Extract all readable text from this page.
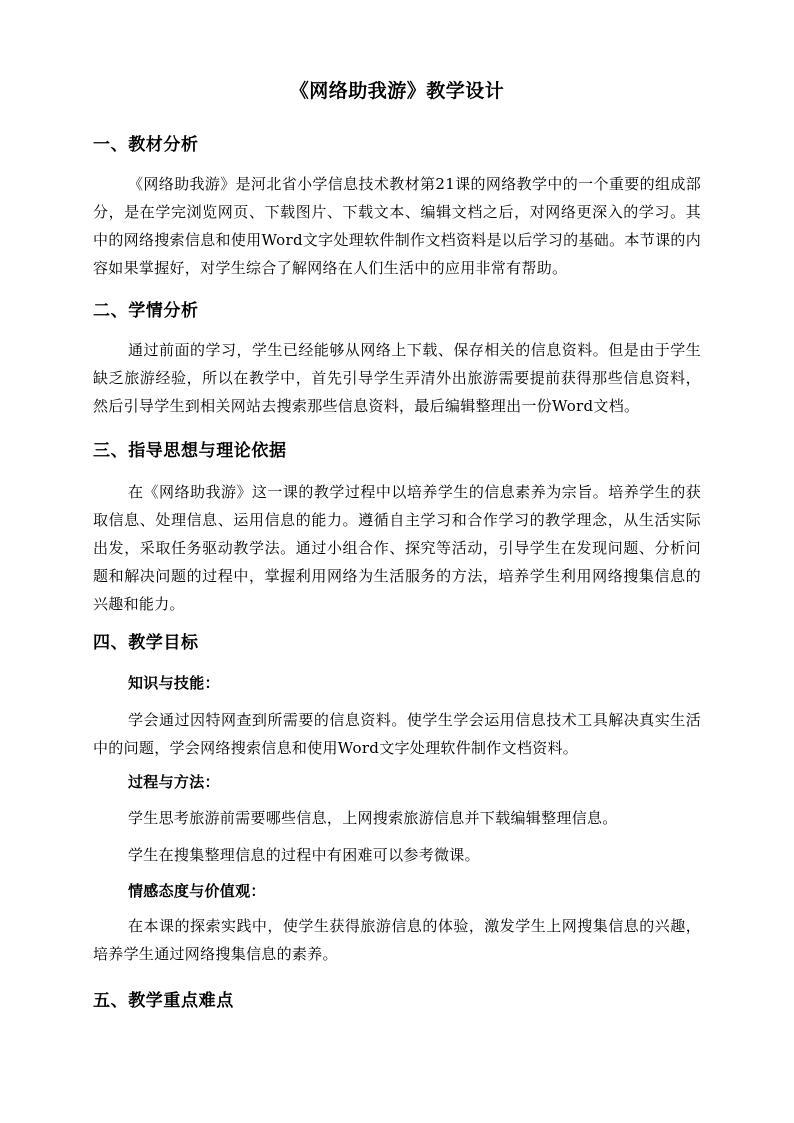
《网络助我游》教学设计
一、教材分析
《网络助我游》是河北省小学信息技术教材第21课的网络教学中的一个重要的组成部分，是在学完浏览网页、下载图片、下载文本、编辑文档之后，对网络更深入的学习。其中的网络搜索信息和使用Word文字处理软件制作文档资料是以后学习的基础。本节课的内容如果掌握好，对学生综合了解网络在人们生活中的应用非常有帮助。
二、学情分析
通过前面的学习，学生已经能够从网络上下载、保存相关的信息资料。但是由于学生缺乏旅游经验，所以在教学中，首先引导学生弄清外出旅游需要提前获得那些信息资料，然后引导学生到相关网站去搜索那些信息资料，最后编辑整理出一份Word文档。
三、指导思想与理论依据
在《网络助我游》这一课的教学过程中以培养学生的信息素养为宗旨。培养学生的获取信息、处理信息、运用信息的能力。遵循自主学习和合作学习的教学理念，从生活实际出发，采取任务驱动教学法。通过小组合作、探究等活动，引导学生在发现问题、分析问题和解决问题的过程中，掌握利用网络为生活服务的方法，培养学生利用网络搜集信息的兴趣和能力。
四、教学目标
知识与技能：
学会通过因特网查到所需要的信息资料。使学生学会运用信息技术工具解决真实生活中的问题，学会网络搜索信息和使用Word文字处理软件制作文档资料。
过程与方法：
学生思考旅游前需要哪些信息，上网搜索旅游信息并下载编辑整理信息。
学生在搜集整理信息的过程中有困难可以参考微课。
情感态度与价值观：
在本课的探索实践中，使学生获得旅游信息的体验，激发学生上网搜集信息的兴趣，培养学生通过网络搜集信息的素养。
五、教学重点难点
